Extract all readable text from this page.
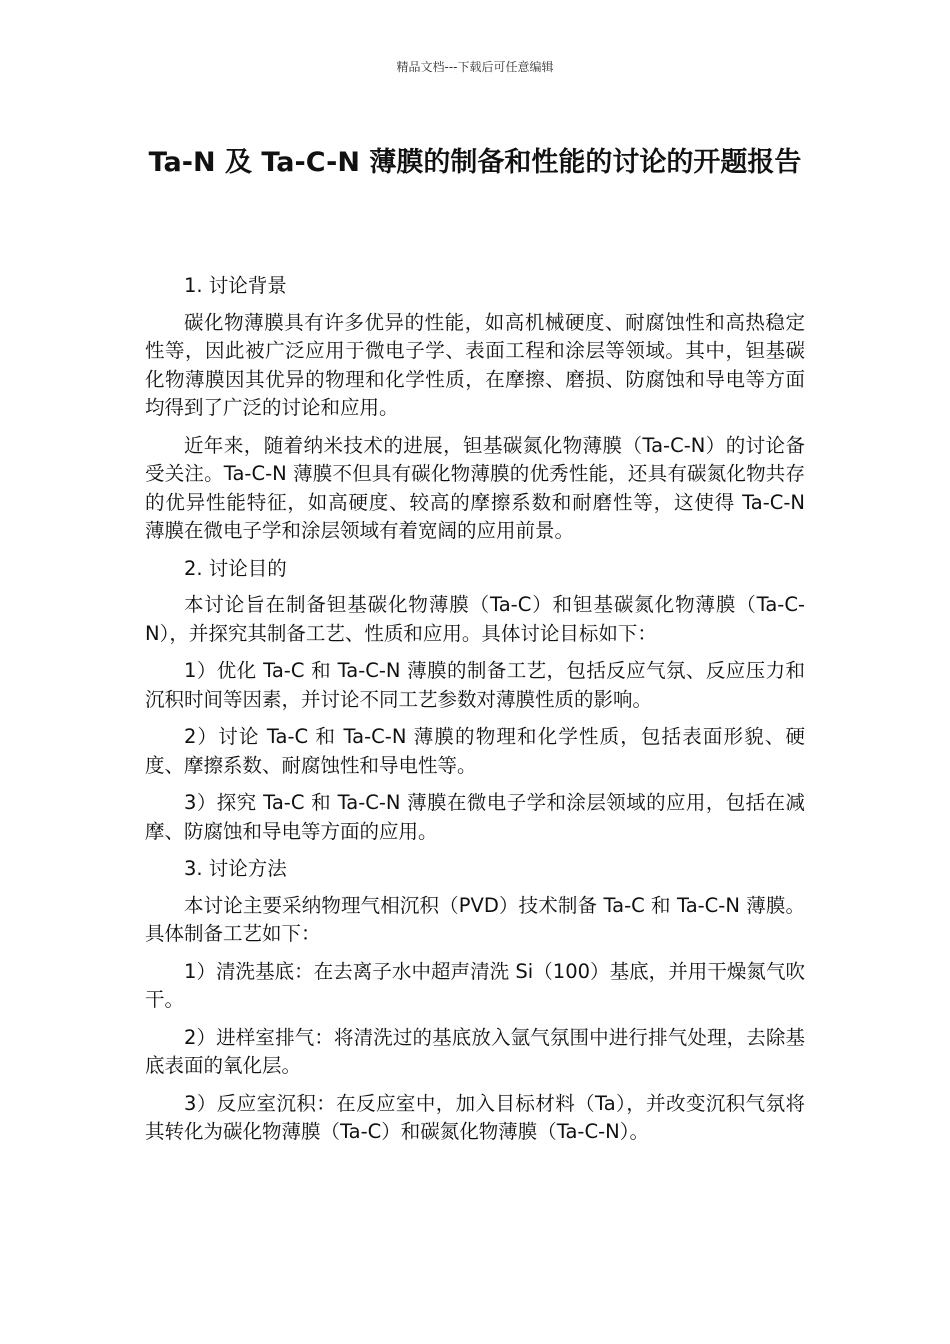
精品文档---下载后可任意编辑
Ta-N 及 Ta-C-N 薄膜的制备和性能的讨论的开题报告

1. 讨论背景

碳化物薄膜具有许多优异的性能，如高机械硬度、耐腐蚀性和高热稳定性等，因此被广泛应用于微电子学、表面工程和涂层等领域。其中，钽基碳化物薄膜因其优异的物理和化学性质，在摩擦、磨损、防腐蚀和导电等方面均得到了广泛的讨论和应用。

近年来，随着纳米技术的进展，钽基碳氮化物薄膜（Ta-C-N）的讨论备受关注。Ta-C-N 薄膜不但具有碳化物薄膜的优秀性能，还具有碳氮化物共存的优异性能特征，如高硬度、较高的摩擦系数和耐磨性等，这使得 Ta-C-N 薄膜在微电子学和涂层领域有着宽阔的应用前景。

2. 讨论目的

本讨论旨在制备钽基碳化物薄膜（Ta-C）和钽基碳氮化物薄膜（Ta-C-N），并探究其制备工艺、性质和应用。具体讨论目标如下：

1）优化 Ta-C 和 Ta-C-N 薄膜的制备工艺，包括反应气氛、反应压力和沉积时间等因素，并讨论不同工艺参数对薄膜性质的影响。

2）讨论 Ta-C 和 Ta-C-N 薄膜的物理和化学性质，包括表面形貌、硬度、摩擦系数、耐腐蚀性和导电性等。

3）探究 Ta-C 和 Ta-C-N 薄膜在微电子学和涂层领域的应用，包括在减摩、防腐蚀和导电等方面的应用。

3. 讨论方法

本讨论主要采纳物理气相沉积（PVD）技术制备 Ta-C 和 Ta-C-N 薄膜。具体制备工艺如下：

1）清洗基底：在去离子水中超声清洗 Si（100）基底，并用干燥氮气吹干。

2）进样室排气：将清洗过的基底放入氩气氛围中进行排气处理，去除基底表面的氧化层。

3）反应室沉积：在反应室中，加入目标材料（Ta），并改变沉积气氛将其转化为碳化物薄膜（Ta-C）和碳氮化物薄膜（Ta-C-N）。
